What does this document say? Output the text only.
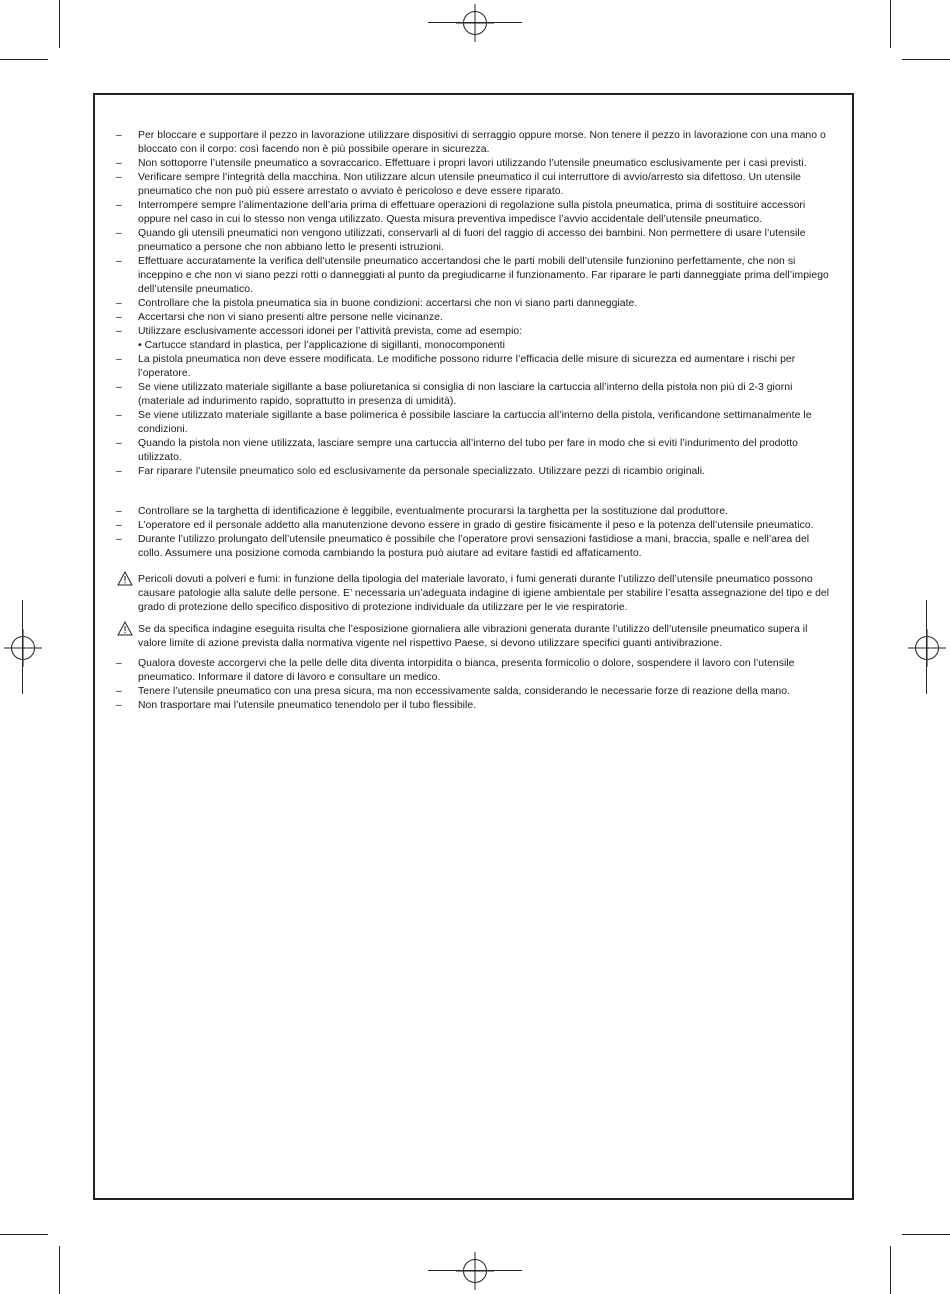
– Per bloccare e supportare il pezzo in lavorazione utilizzare dispositivi di serraggio oppure morse. Non tenere il pezzo in lavorazione con una mano o bloccato con il corpo: così facendo non è più possibile operare in sicurezza.
– Non sottoporre l’utensile pneumatico a sovraccarico. Effettuare i propri lavori utilizzando l’utensile pneumatico esclusivamente per i casi previsti.
– Verificare sempre l’integrità della macchina. Non utilizzare alcun utensile pneumatico il cui interruttore di avvio/arresto sia difettoso. Un utensile pneumatico che non può più essere arrestato o avviato è pericoloso e deve essere riparato.
– Interrompere sempre l’alimentazione dell’aria prima di effettuare operazioni di regolazione sulla pistola pneumatica, prima di sostituire accessori oppure nel caso in cui lo stesso non venga utilizzato. Questa misura preventiva impedisce l’avvio accidentale dell’utensile pneumatico.
– Quando gli utensili pneumatici non vengono utilizzati, conservarli al di fuori del raggio di accesso dei bambini. Non permettere di usare l’utensile pneumatico a persone che non abbiano letto le presenti istruzioni.
– Effettuare accuratamente la verifica dell’utensile pneumatico accertandosi che le parti mobili dell’utensile funzionino perfettamente, che non si inceppino e che non vi siano pezzi rotti o danneggiati al punto da pregiudicarne il funzionamento. Far riparare le parti danneggiate prima dell’impiego dell’utensile pneumatico.
– Controllare che la pistola pneumatica sia in buone condizioni: accertarsi che non vi siano parti danneggiate.
– Accertarsi che non vi siano presenti altre persone nelle vicinanze.
– Utilizzare esclusivamente accessori idonei per l’attività prevista, come ad esempio:
• Cartucce standard in plastica, per l’applicazione di sigillanti, monocomponenti
– La pistola pneumatica non deve essere modificata. Le modifiche possono ridurre l’efficacia delle misure di sicurezza ed aumentare i rischi per l’operatore.
– Se viene utilizzato materiale sigillante a base poliuretanica si consiglia di non lasciare la cartuccia all’interno della pistola non più di 2-3 giorni (materiale ad indurimento rapido, soprattutto in presenza di umidità).
– Se viene utilizzato materiale sigillante a base polimerica è possibile lasciare la cartuccia all’interno della pistola, verificandone settimanalmente le condizioni.
– Quando la pistola non viene utilizzata, lasciare sempre una cartuccia all’interno del tubo per fare in modo che si eviti l’indurimento del prodotto utilizzato.
– Far riparare l’utensile pneumatico solo ed esclusivamente da personale specializzato. Utilizzare pezzi di ricambio originali.
– Controllare se la targhetta di identificazione è leggibile, eventualmente procurarsi la targhetta per la sostituzione dal produttore.
– L’operatore ed il personale addetto alla manutenzione devono essere in grado di gestire fisicamente il peso e la potenza dell’utensile pneumatico.
– Durante l’utilizzo prolungato dell’utensile pneumatico è possibile che l’operatore provi sensazioni fastidiose a mani, braccia, spalle e nell’area del collo. Assumere una posizione comoda cambiando la postura può aiutare ad evitare fastidi ed affaticamento.
Pericoli dovuti a polveri e fumi: in funzione della tipologia del materiale lavorato, i fumi generati durante l’utilizzo dell’utensile pneumatico possono causare patologie alla salute delle persone. E’ necessaria un’adeguata indagine di igiene ambientale per stabilire l’esatta assegnazione del tipo e del grado di protezione dello specifico dispositivo di protezione individuale da utilizzare per le vie respiratorie.
Se da specifica indagine eseguita risulta che l’esposizione giornaliera alle vibrazioni generata durante l’utilizzo dell’utensile pneumatico supera il valore limite di azione prevista dalla normativa vigente nel rispettivo Paese, si devono utilizzare specifici guanti antivibrazione.
– Qualora doveste accorgervi che la pelle delle dita diventa intorpidita o bianca, presenta formicolio o dolore, sospendere il lavoro con l’utensile pneumatico. Informare il datore di lavoro e consultare un medico.
– Tenere l’utensile pneumatico con una presa sicura, ma non eccessivamente salda, considerando le necessarie forze di reazione della mano.
– Non trasportare mai l’utensile pneumatico tenendolo per il tubo flessibile.
